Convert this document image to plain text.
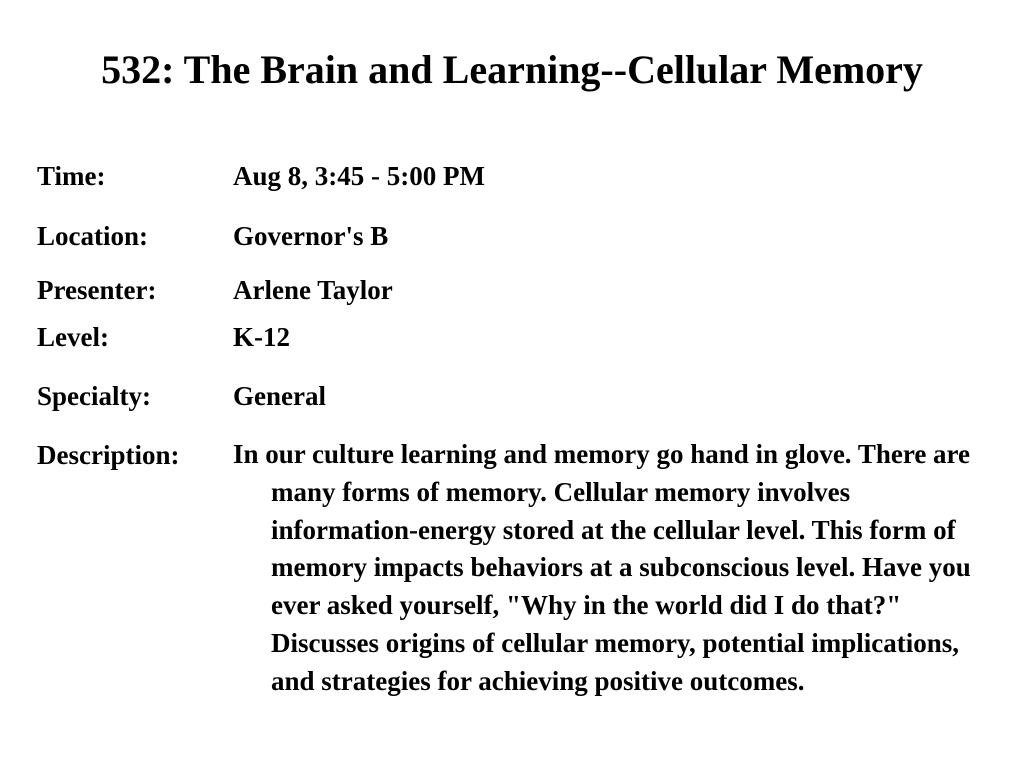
532: The Brain and Learning--Cellular Memory
Time:	Aug 8, 3:45 - 5:00 PM
Location:	Governor's B
Presenter:	Arlene Taylor
Level:	K-12
Specialty:	General
Description: In our culture learning and memory go hand in glove. There are many forms of memory. Cellular memory involves information-energy stored at the cellular level. This form of memory impacts behaviors at a subconscious level. Have you ever asked yourself, "Why in the world did I do that?" Discusses origins of cellular memory, potential implications, and strategies for achieving positive outcomes.
